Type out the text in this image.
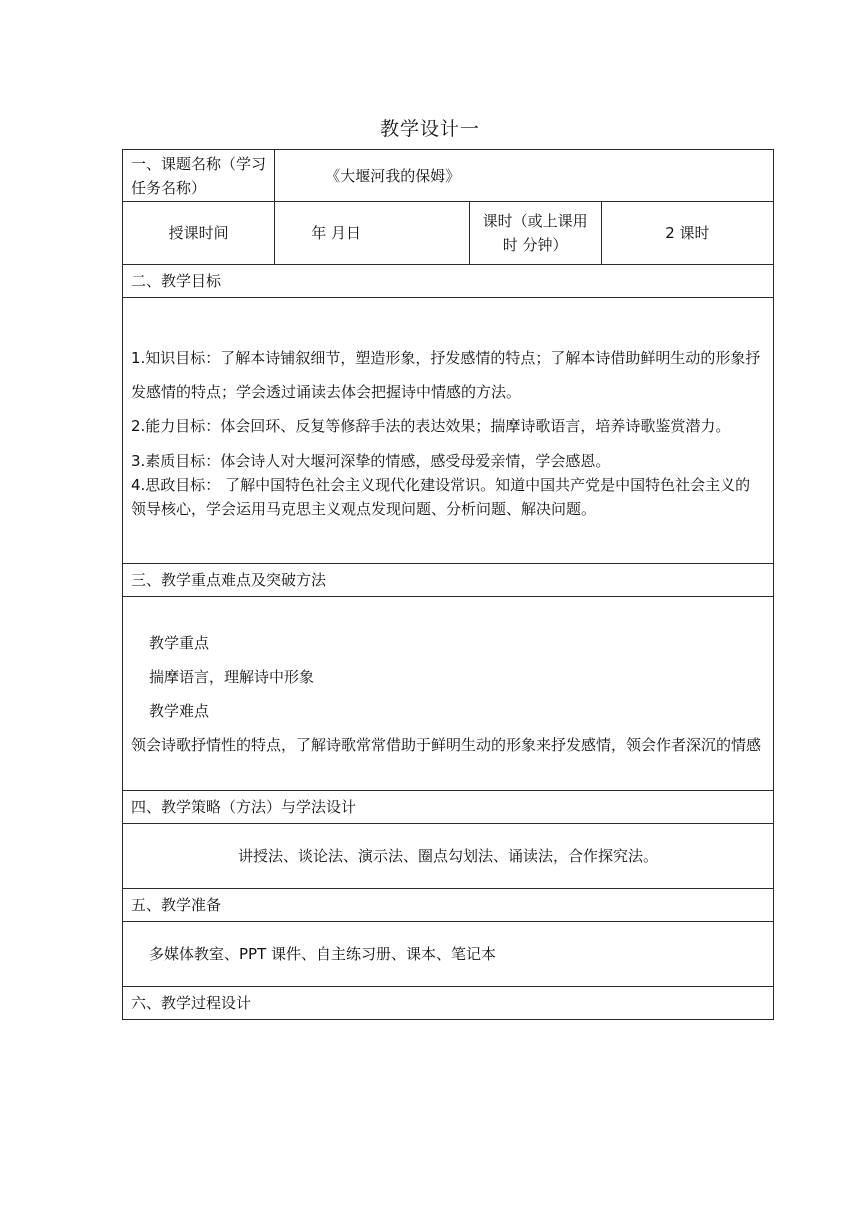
教学设计一
一、课题名称（学习任务名称）	《大堰河我的保姆》		
授课时间	年 月日	课时（或上课用时 分钟）	2 课时
二、教学目标			

1.知识目标：了解本诗铺叙细节，塑造形象，抒发感情的特点；了解本诗借助鲜明生动的形象抒发感情的特点；学会透过诵读去体会把握诗中情感的方法。

2.能力目标：体会回环、反复等修辞手法的表达效果；揣摩诗歌语言，培养诗歌鉴赏潜力。

3.素质目标：体会诗人对大堰河深挚的情感，感受母爱亲情，学会感恩。

4.思政目标： 了解中国特色社会主义现代化建设常识。知道中国共产党是中国特色社会主义的领导核心，学会运用马克思主义观点发现问题、分析问题、解决问题。			

三、教学重点难点及突破方法			

教学重点
揣摩语言，理解诗中形象
教学难点

领会诗歌抒情性的特点，了解诗歌常常借助于鲜明生动的形象来抒发感情，领会作者深沉的情感			

四、教学策略（方法）与学法设计			
讲授法、谈论法、演示法、圈点勾划法、诵读法，合作探究法。			
五、教学准备			
多媒体教室、PPT 课件、自主练习册、课本、笔记本			
六、教学过程设计			
